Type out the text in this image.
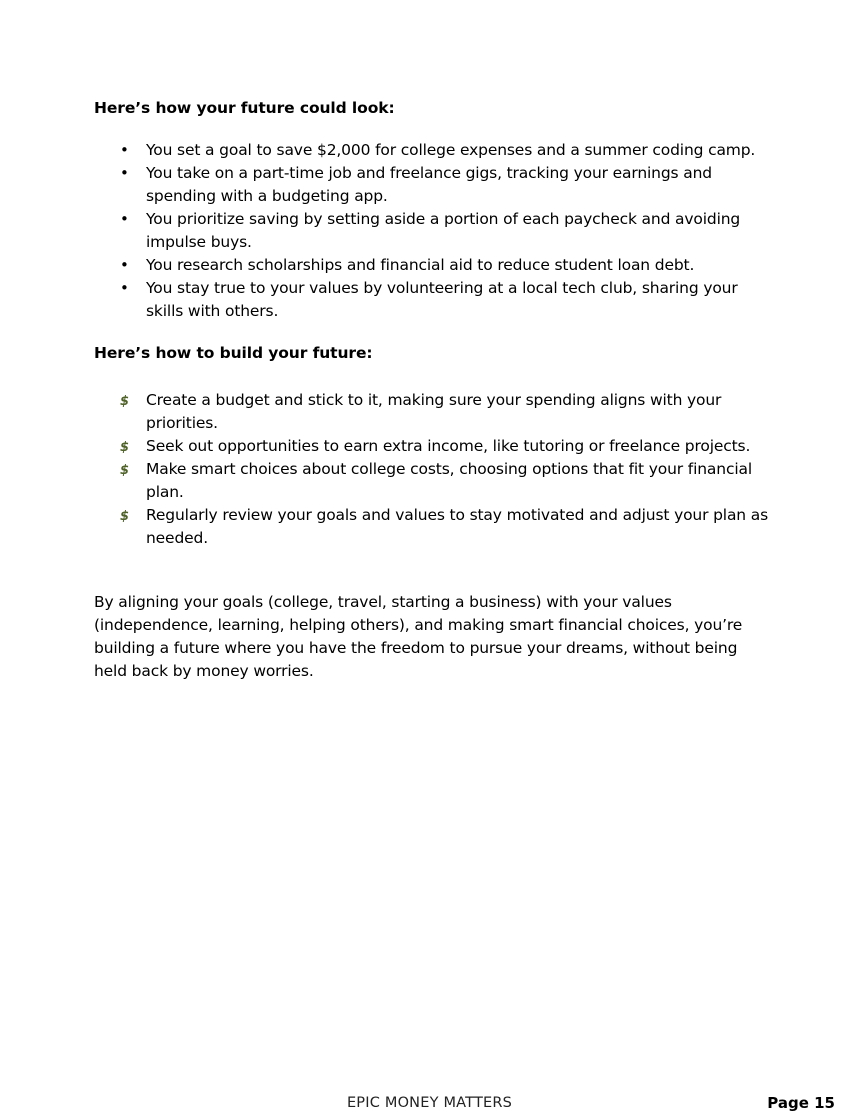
Here’s how your future could look:
•	You set a goal to save $2,000 for college expenses and a summer coding camp.
•	You take on a part-time job and freelance gigs, tracking your earnings and spending with a budgeting app.
•	You prioritize saving by setting aside a portion of each paycheck and avoiding impulse buys.
•	You research scholarships and financial aid to reduce student loan debt.
•	You stay true to your values by volunteering at a local tech club, sharing your skills with others.
Here’s how to build your future:
$	Create a budget and stick to it, making sure your spending aligns with your priorities.
$	Seek out opportunities to earn extra income, like tutoring or freelance projects.
$	Make smart choices about college costs, choosing options that fit your financial plan.
$	Regularly review your goals and values to stay motivated and adjust your plan as needed.

By aligning your goals (college, travel, starting a business) with your values (independence, learning, helping others), and making smart financial choices, you’re building a future where you have the freedom to pursue your dreams, without being held back by money worries.

EPIC MONEY MATTERS	Page 15
